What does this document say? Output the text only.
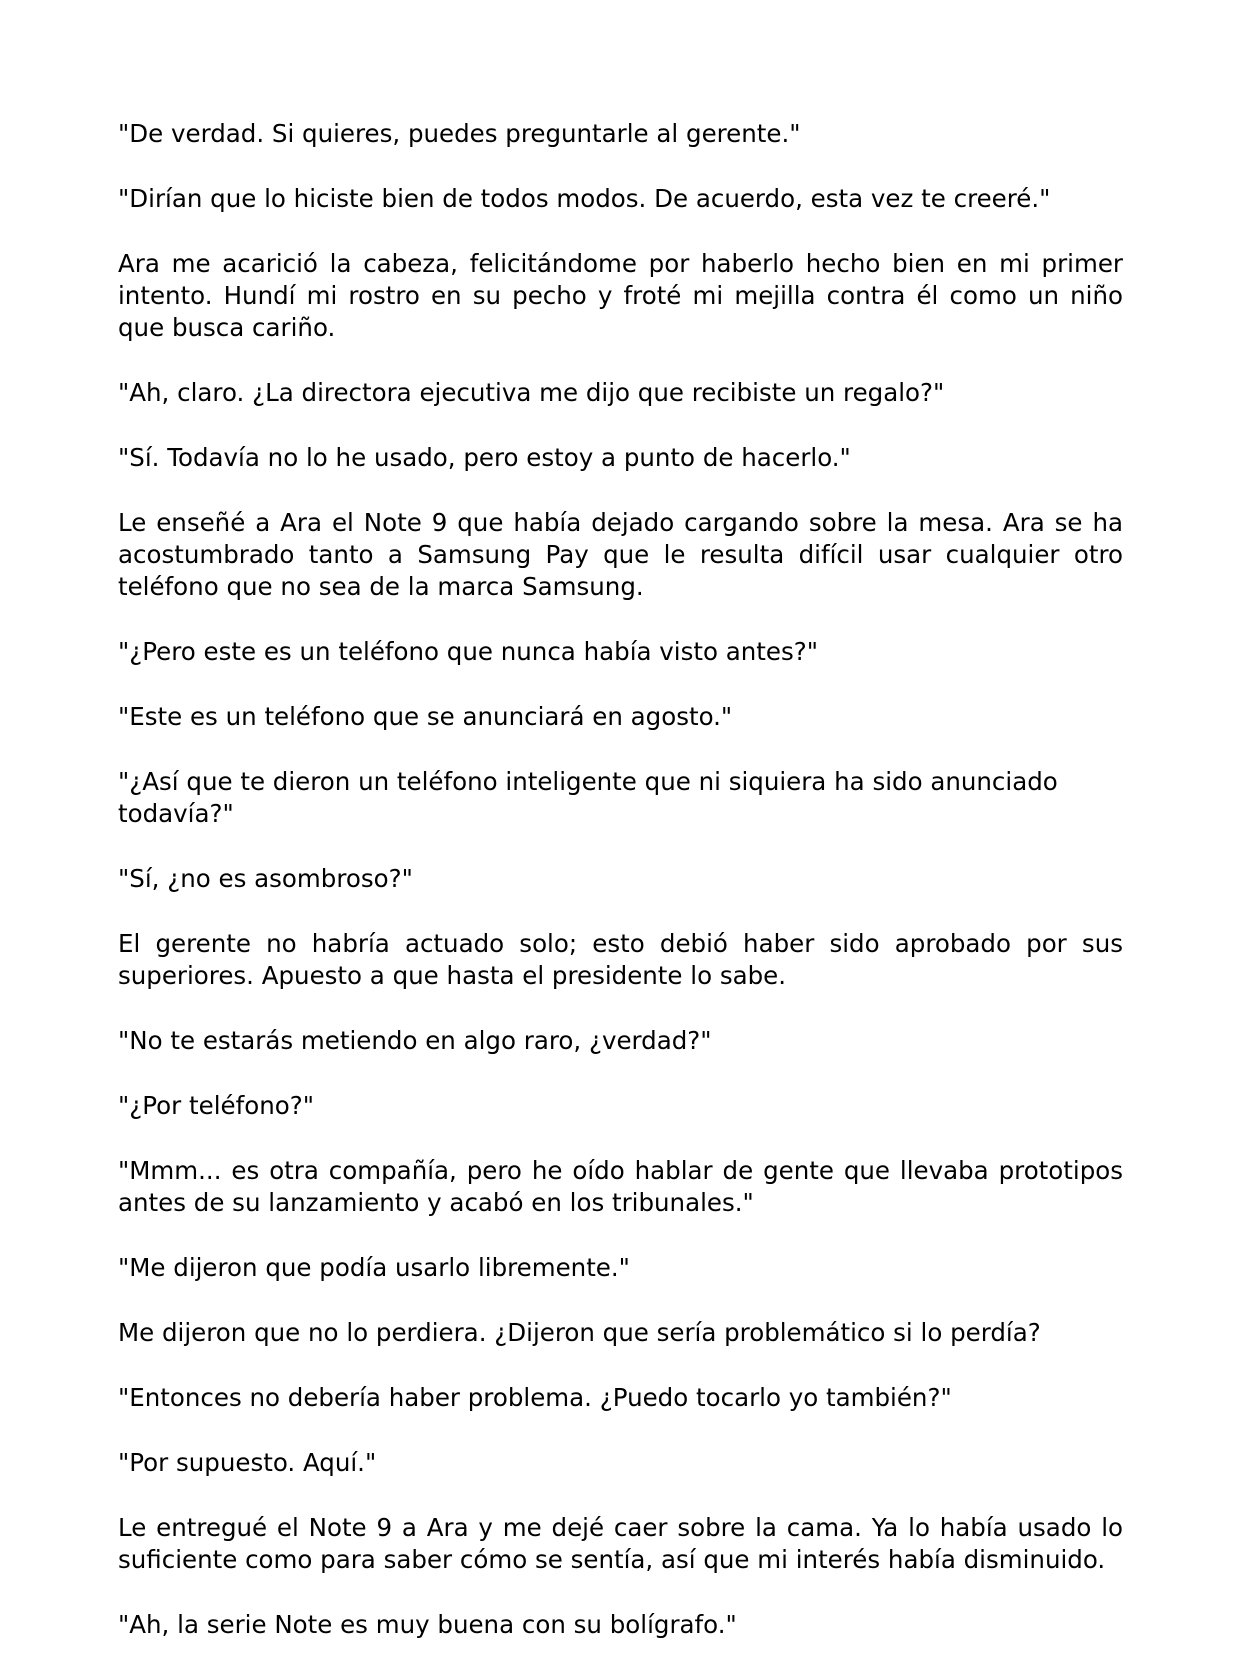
"De verdad. Si quieres, puedes preguntarle al gerente."

"Dirían que lo hiciste bien de todos modos. De acuerdo, esta vez te creeré."

Ara me acarició la cabeza, felicitándome por haberlo hecho bien en mi primer intento. Hundí mi rostro en su pecho y froté mi mejilla contra él como un niño que busca cariño.

"Ah, claro. ¿La directora ejecutiva me dijo que recibiste un regalo?"

"Sí. Todavía no lo he usado, pero estoy a punto de hacerlo."

Le enseñé a Ara el Note 9 que había dejado cargando sobre la mesa. Ara se ha acostumbrado tanto a Samsung Pay que le resulta difícil usar cualquier otro teléfono que no sea de la marca Samsung.

"¿Pero este es un teléfono que nunca había visto antes?"

"Este es un teléfono que se anunciará en agosto."

"¿Así que te dieron un teléfono inteligente que ni siquiera ha sido anunciado todavía?"

"Sí, ¿no es asombroso?"

El gerente no habría actuado solo; esto debió haber sido aprobado por sus superiores. Apuesto a que hasta el presidente lo sabe.

"No te estarás metiendo en algo raro, ¿verdad?"

"¿Por teléfono?"

"Mmm... es otra compañía, pero he oído hablar de gente que llevaba prototipos antes de su lanzamiento y acabó en los tribunales."

"Me dijeron que podía usarlo libremente."

Me dijeron que no lo perdiera. ¿Dijeron que sería problemático si lo perdía?

"Entonces no debería haber problema. ¿Puedo tocarlo yo también?"

"Por supuesto. Aquí."

Le entregué el Note 9 a Ara y me dejé caer sobre la cama. Ya lo había usado lo suficiente como para saber cómo se sentía, así que mi interés había disminuido.

"Ah, la serie Note es muy buena con su bolígrafo."
